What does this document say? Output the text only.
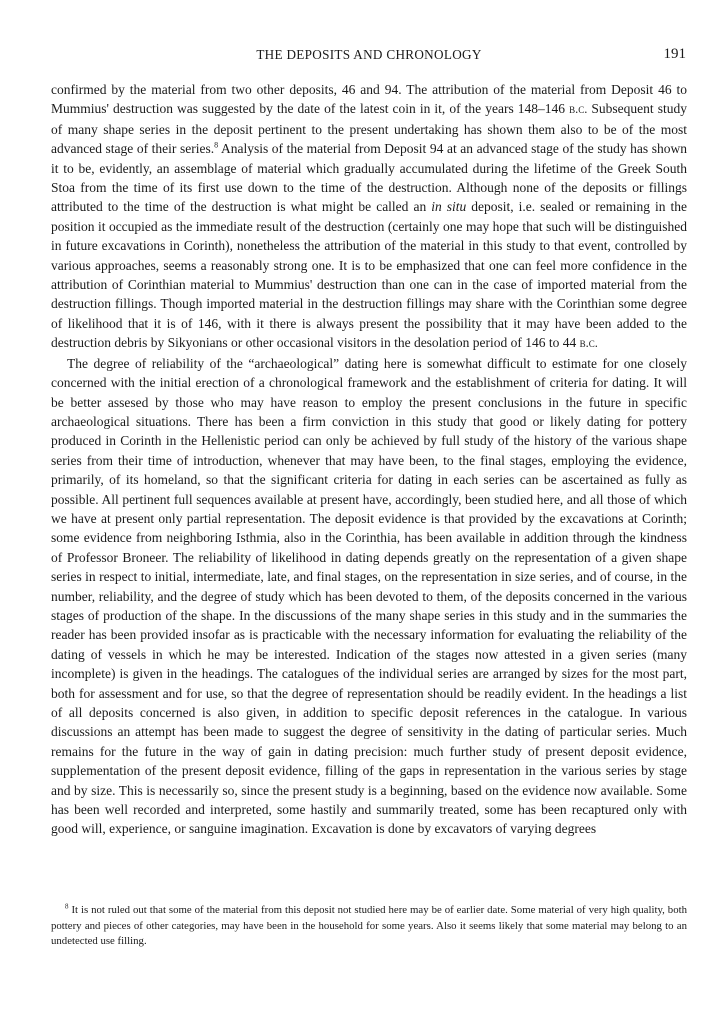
THE DEPOSITS AND CHRONOLOGY	191

confirmed by the material from two other deposits, 46 and 94. The attribution of the material from Deposit 46 to Mummius' destruction was suggested by the date of the latest coin in it, of the years 148–146 b.c. Subsequent study of many shape series in the deposit pertinent to the present undertaking has shown them also to be of the most advanced stage of their series.$^8$ Analysis of the material from Deposit 94 at an advanced stage of the study has shown it to be, evidently, an assemblage of material which gradually accumulated during the lifetime of the Greek South Stoa from the time of its first use down to the time of the destruction. Although none of the deposits or fillings attributed to the time of the destruction is what might be called an in situ deposit, i.e. sealed or remaining in the position it occupied as the immediate result of the destruction (certainly one may hope that such will be distinguished in future excavations in Corinth), nonetheless the attribution of the material in this study to that event, controlled by various approaches, seems a reasonably strong one. It is to be emphasized that one can feel more confidence in the attribution of Corinthian material to Mummius' destruction than one can in the case of imported material from the destruction fillings. Though imported material in the destruction fillings may share with the Corinthian some degree of likelihood that it is of 146, with it there is always present the possibility that it may have been added to the destruction debris by Sikyonians or other occasional visitors in the desolation period of 146 to 44 b.c.

The degree of reliability of the “archaeological” dating here is somewhat difficult to estimate for one closely concerned with the initial erection of a chronological framework and the establishment of criteria for dating. It will be better assesed by those who may have reason to employ the present conclusions in the future in specific archaeological situations. There has been a firm conviction in this study that good or likely dating for pottery produced in Corinth in the Hellenistic period can only be achieved by full study of the history of the various shape series from their time of introduction, whenever that may have been, to the final stages, employing the evidence, primarily, of its homeland, so that the significant criteria for dating in each series can be ascertained as fully as possible. All pertinent full sequences available at present have, accordingly, been studied here, and all those of which we have at present only partial representation. The deposit evidence is that provided by the excavations at Corinth; some evidence from neighboring Isthmia, also in the Corinthia, has been available in addition through the kindness of Professor Broneer. The reliability of likelihood in dating depends greatly on the representation of a given shape series in respect to initial, intermediate, late, and final stages, on the representation in size series, and of course, in the number, reliability, and the degree of study which has been devoted to them, of the deposits concerned in the various stages of production of the shape. In the discussions of the many shape series in this study and in the summaries the reader has been provided insofar as is practicable with the necessary information for evaluating the reliability of the dating of vessels in which he may be interested. Indication of the stages now attested in a given series (many incomplete) is given in the headings. The catalogues of the individual series are arranged by sizes for the most part, both for assessment and for use, so that the degree of representation should be readily evident. In the headings a list of all deposits concerned is also given, in addition to specific deposit references in the catalogue. In various discussions an attempt has been made to suggest the degree of sensitivity in the dating of particular series. Much remains for the future in the way of gain in dating precision: much further study of present deposit evidence, supplementation of the present deposit evidence, filling of the gaps in representation in the various series by stage and by size. This is necessarily so, since the present study is a beginning, based on the evidence now available. Some has been well recorded and interpreted, some hastily and summarily treated, some has been recaptured only with good will, experience, or sanguine imagination. Excavation is done by excavators of varying degrees

$^8$ It is not ruled out that some of the material from this deposit not studied here may be of earlier date. Some material of very high quality, both pottery and pieces of other categories, may have been in the household for some years. Also it seems likely that some material may belong to an undetected use filling.
